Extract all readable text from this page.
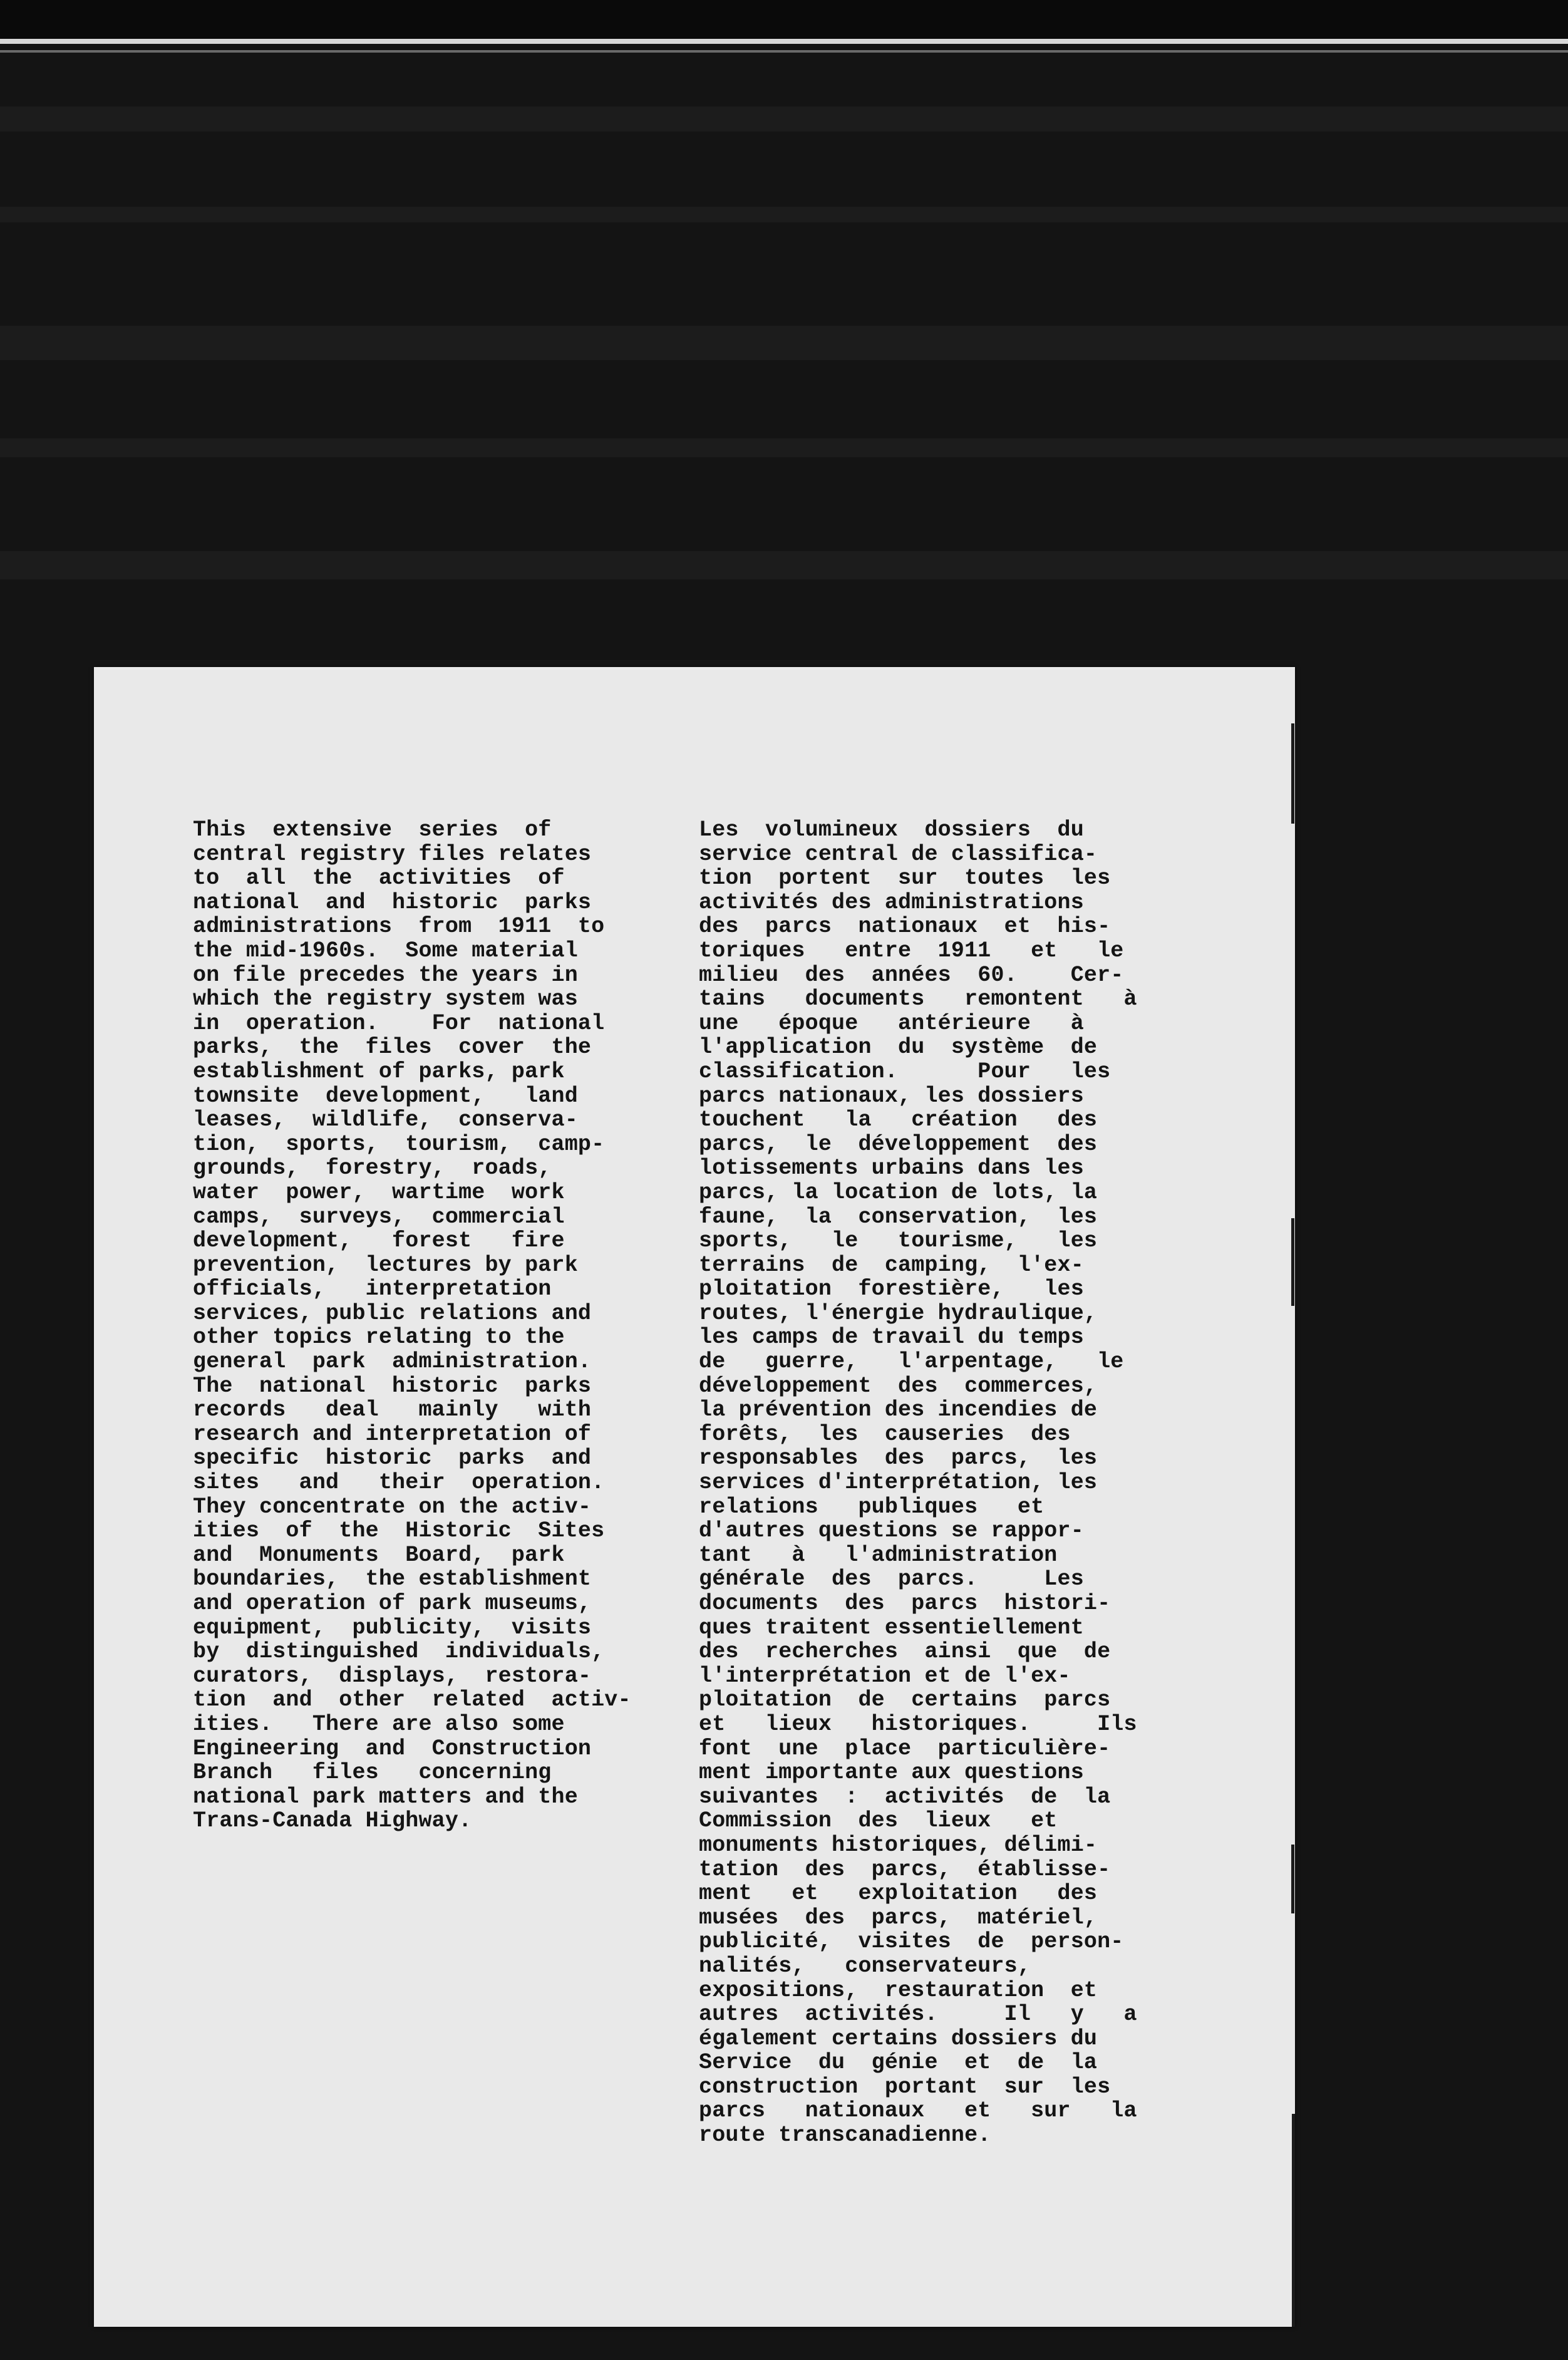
This  extensive  series  of
central registry files relates
to  all  the  activities  of
national  and  historic  parks
administrations  from  1911  to
the mid-1960s.  Some material
on file precedes the years in
which the registry system was
in  operation.    For  national
parks,  the  files  cover  the
establishment of parks, park
townsite  development,   land
leases,  wildlife,  conserva-
tion,  sports,  tourism,  camp-
grounds,  forestry,  roads,
water  power,  wartime  work
camps,  surveys,  commercial
development,   forest   fire
prevention,  lectures by park
officials,   interpretation
services, public relations and
other topics relating to the
general  park  administration.
The  national  historic  parks
records   deal   mainly   with
research and interpretation of
specific  historic  parks  and
sites   and   their  operation.
They concentrate on the activ-
ities  of  the  Historic  Sites
and  Monuments  Board,  park
boundaries,  the establishment
and operation of park museums,
equipment,  publicity,  visits
by  distinguished  individuals,
curators,  displays,  restora-
tion  and  other  related  activ-
ities.   There are also some
Engineering  and  Construction
Branch   files   concerning
national park matters and the
Trans-Canada Highway.
Les  volumineux  dossiers  du
service central de classifica-
tion  portent  sur  toutes  les
activités des administrations
des  parcs  nationaux  et  his-
toriques   entre  1911   et   le
milieu  des  années  60.    Cer-
tains   documents   remontent   à
une   époque   antérieure   à
l'application  du  système  de
classification.      Pour   les
parcs nationaux, les dossiers
touchent   la   création   des
parcs,  le  développement  des
lotissements urbains dans les
parcs, la location de lots, la
faune,  la  conservation,  les
sports,   le   tourisme,   les
terrains  de  camping,  l'ex-
ploitation  forestière,   les
routes, l'énergie hydraulique,
les camps de travail du temps
de   guerre,   l'arpentage,   le
développement  des  commerces,
la prévention des incendies de
forêts,  les  causeries  des
responsables  des  parcs,  les
services d'interprétation, les
relations   publiques   et
d'autres questions se rappor-
tant   à   l'administration
générale  des  parcs.     Les
documents  des  parcs  histori-
ques traitent essentiellement
des  recherches  ainsi  que  de
l'interprétation et de l'ex-
ploitation  de  certains  parcs
et   lieux   historiques.     Ils
font  une  place  particulière-
ment importante aux questions
suivantes  :  activités  de  la
Commission  des  lieux   et
monuments historiques, délimi-
tation  des  parcs,  établisse-
ment   et   exploitation   des
musées  des  parcs,  matériel,
publicité,  visites  de  person-
nalités,   conservateurs,
expositions,  restauration  et
autres  activités.     Il   y   a
également certains dossiers du
Service  du  génie  et  de  la
construction  portant  sur  les
parcs   nationaux   et   sur   la
route transcanadienne.
